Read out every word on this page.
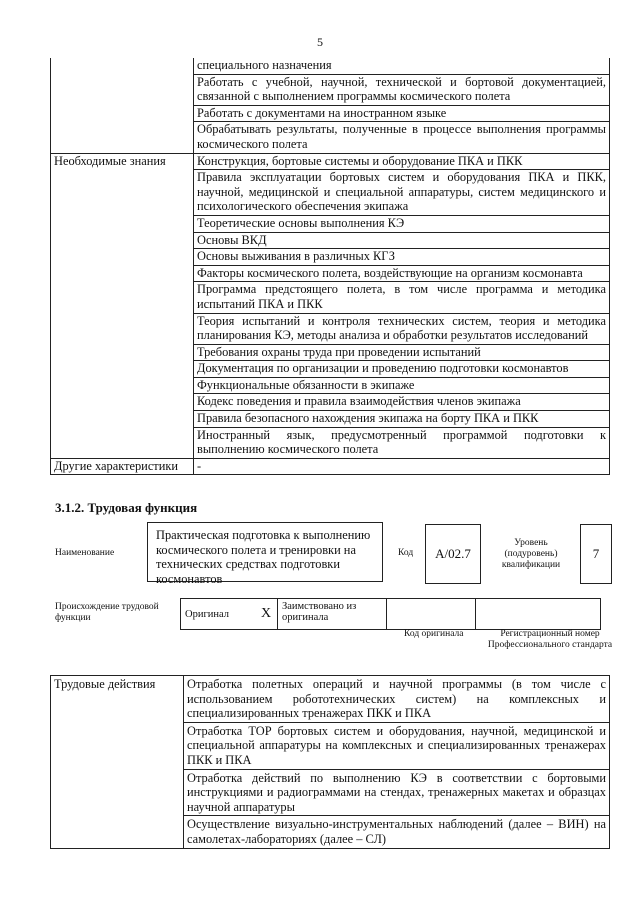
5
	специального назначения
	Работать с учебной, научной, технической и бортовой документацией, связанной с выполнением программы космического полета
	Работать с документами на иностранном языке
	Обрабатывать результаты, полученные в процессе выполнения программы космического полета
Необходимые знания	Конструкция, бортовые системы и оборудование ПКА и ПКК
	Правила эксплуатации бортовых систем и оборудования ПКА и ПКК, научной, медицинской и специальной аппаратуры, систем медицинского и психологического обеспечения экипажа
	Теоретические основы выполнения КЭ
	Основы ВКД
	Основы выживания в различных КГЗ
	Факторы космического полета, воздействующие на организм космонавта
	Программа предстоящего полета, в том числе программа и методика испытаний ПКА и ПКК
	Теория испытаний и контроля технических систем, теория и методика планирования КЭ, методы анализа и обработки результатов исследований
	Требования охраны труда при проведении испытаний
	Документация по организации и проведению подготовки космонавтов
	Функциональные обязанности в экипаже
	Кодекс поведения и правила взаимодействия членов экипажа
	Правила безопасного нахождения экипажа на борту ПКА и ПКК
	Иностранный язык, предусмотренный программой подготовки к выполнению космического полета
Другие характеристики	-
3.1.2. Трудовая функция
Наименование
Практическая подготовка к выполнению космического полета и тренировки на технических средствах подготовки космонавтов
Код	А/02.7
Уровень (подуровень) квалификации
7
Происхождение трудовой функции	Оригинал	X	Заимствовано из оригинала		
Код оригинала	Регистрационный номер Профессионального стандарта
Трудовые действия	Отработка полетных операций и научной программы (в том числе с использованием робототехнических систем) на комплексных и специализированных тренажерах ПКК и ПКА
Отработка ТОР бортовых систем и оборудования, научной, медицинской и специальной аппаратуры на комплексных и специализированных тренажерах ПКК и ПКА
Отработка действий по выполнению КЭ в соответствии с бортовыми инструкциями и радиограммами на стендах, тренажерных макетах и образцах научной аппаратуры
Осуществление визуально-инструментальных наблюдений (далее – ВИН) на самолетах-лабораториях (далее – СЛ)
